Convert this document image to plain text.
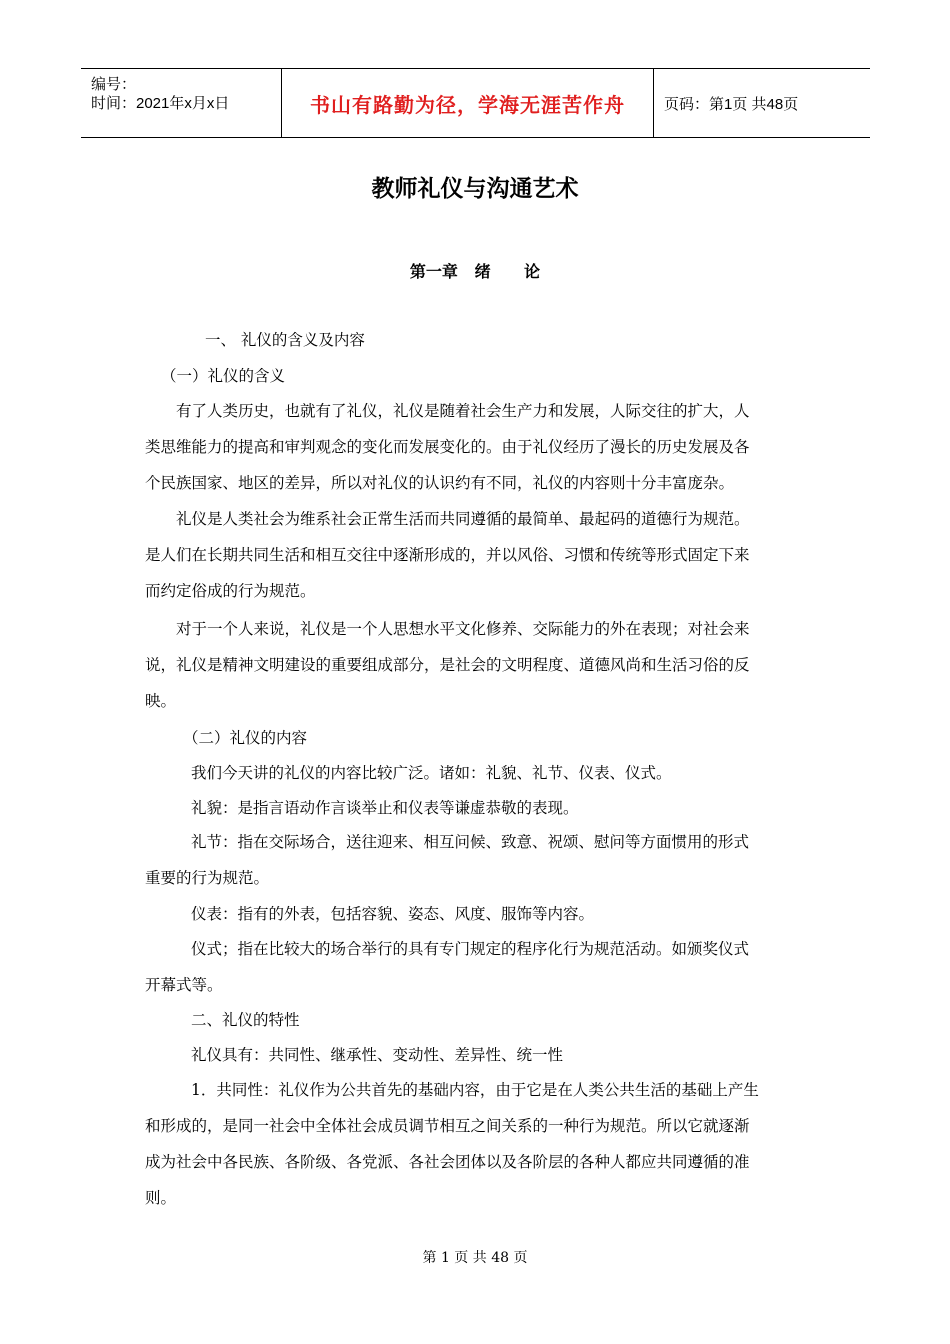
编号：
时间：2021年x月x日	书山有路勤为径，学海无涯苦作舟	页码：第1页 共48页
教师礼仪与沟通艺术
第一章   绪      论
一、 礼仪的含义及内容
（一）礼仪的含义
有了人类历史，也就有了礼仪，礼仪是随着社会生产力和发展，人际交往的扩大，人
类思维能力的提高和审判观念的变化而发展变化的。由于礼仪经历了漫长的历史发展及各
个民族国家、地区的差异，所以对礼仪的认识约有不同，礼仪的内容则十分丰富庞杂。
礼仪是人类社会为维系社会正常生活而共同遵循的最简单、最起码的道德行为规范。
是人们在长期共同生活和相互交往中逐渐形成的，并以风俗、习惯和传统等形式固定下来
而约定俗成的行为规范。
对于一个人来说，礼仪是一个人思想水平文化修养、交际能力的外在表现；对社会来
说，礼仪是精神文明建设的重要组成部分，是社会的文明程度、道德风尚和生活习俗的反
映。
（二）礼仪的内容
我们今天讲的礼仪的内容比较广泛。诸如：礼貌、礼节、仪表、仪式。
礼貌：是指言语动作言谈举止和仪表等谦虚恭敬的表现。
礼节：指在交际场合，送往迎来、相互问候、致意、祝颂、慰问等方面惯用的形式
重要的行为规范。
仪表：指有的外表，包括容貌、姿态、风度、服饰等内容。
仪式；指在比较大的场合举行的具有专门规定的程序化行为规范活动。如颁奖仪式
开幕式等。
二、礼仪的特性
礼仪具有：共同性、继承性、变动性、差异性、统一性
1．共同性：礼仪作为公共首先的基础内容，由于它是在人类公共生活的基础上产生
和形成的，是同一社会中全体社会成员调节相互之间关系的一种行为规范。所以它就逐渐
成为社会中各民族、各阶级、各党派、各社会团体以及各阶层的各种人都应共同遵循的准
则。
第 1 页 共 48 页
